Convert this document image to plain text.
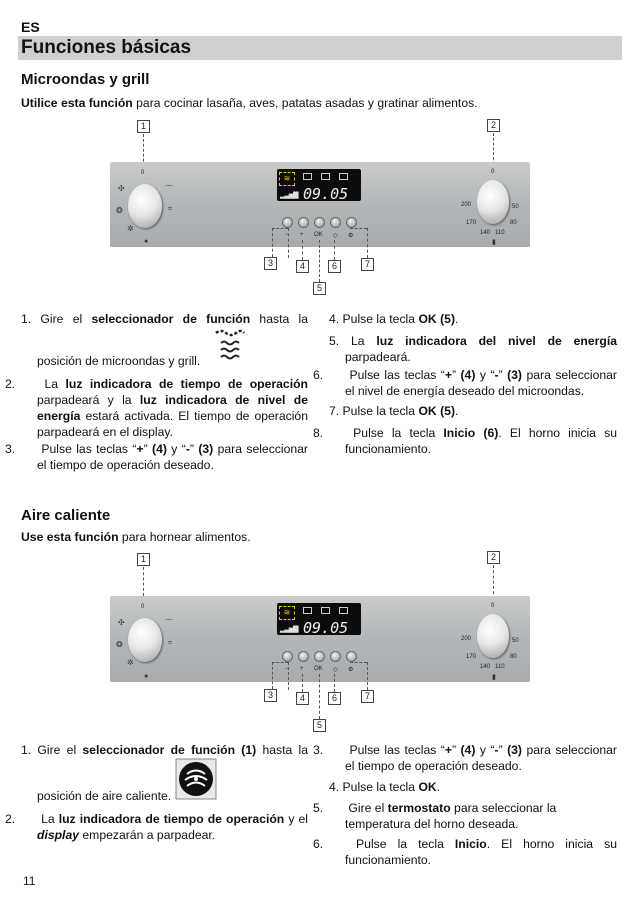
ES
Funciones básicas
Microondas y grill
Utilice esta función para cocinar lasaña, aves, patatas asadas y gratinar alimentos.
1	2
0
✣
❂
✲
≈
⌒
●
≋
▂▃▅▇ 09.05
− + OK ◇ ⚙
0
200
170
140 110
80
50
▮
3	4	6	7
5

1. Gire el seleccionador de función hasta la

posición de microondas y grill.

2. La luz indicadora de tiempo de operación parpadeará y la luz indicadora de nivel de energía estará activada. El tiempo de operación parpadeará en el display.

3. Pulse las teclas “+” (4) y “-” (3) para seleccionar el tiempo de operación deseado.

4. Pulse la tecla OK (5).

5. La luz indicadora del nivel de energía parpadeará.

6. Pulse las teclas “+” (4) y “-” (3) para seleccionar el nivel de energía deseado del microondas.

7. Pulse la tecla OK (5).

8. Pulse la tecla Inicio (6). El horno inicia su funcionamiento.

Aire caliente
Use esta función para hornear alimentos.
1	2
0
✣
❂
✲
≈
⌒
●
≋
▂▃▅▇ 09.05
− + OK ◇ ⚙
0
200
170
140 110
80
50
▮
3	4	6	7
5

1. Gire el seleccionador de función (1) hasta la

posición de aire caliente.

2. La luz indicadora de tiempo de operación y el display empezarán a parpadear.

3. Pulse las teclas “+” (4) y “-” (3) para seleccionar el tiempo de operación deseado.

4. Pulse la tecla OK.

5. Gire el termostato para seleccionar la temperatura del horno deseada.

6. Pulse la tecla Inicio. El horno inicia su funcionamiento.

11
